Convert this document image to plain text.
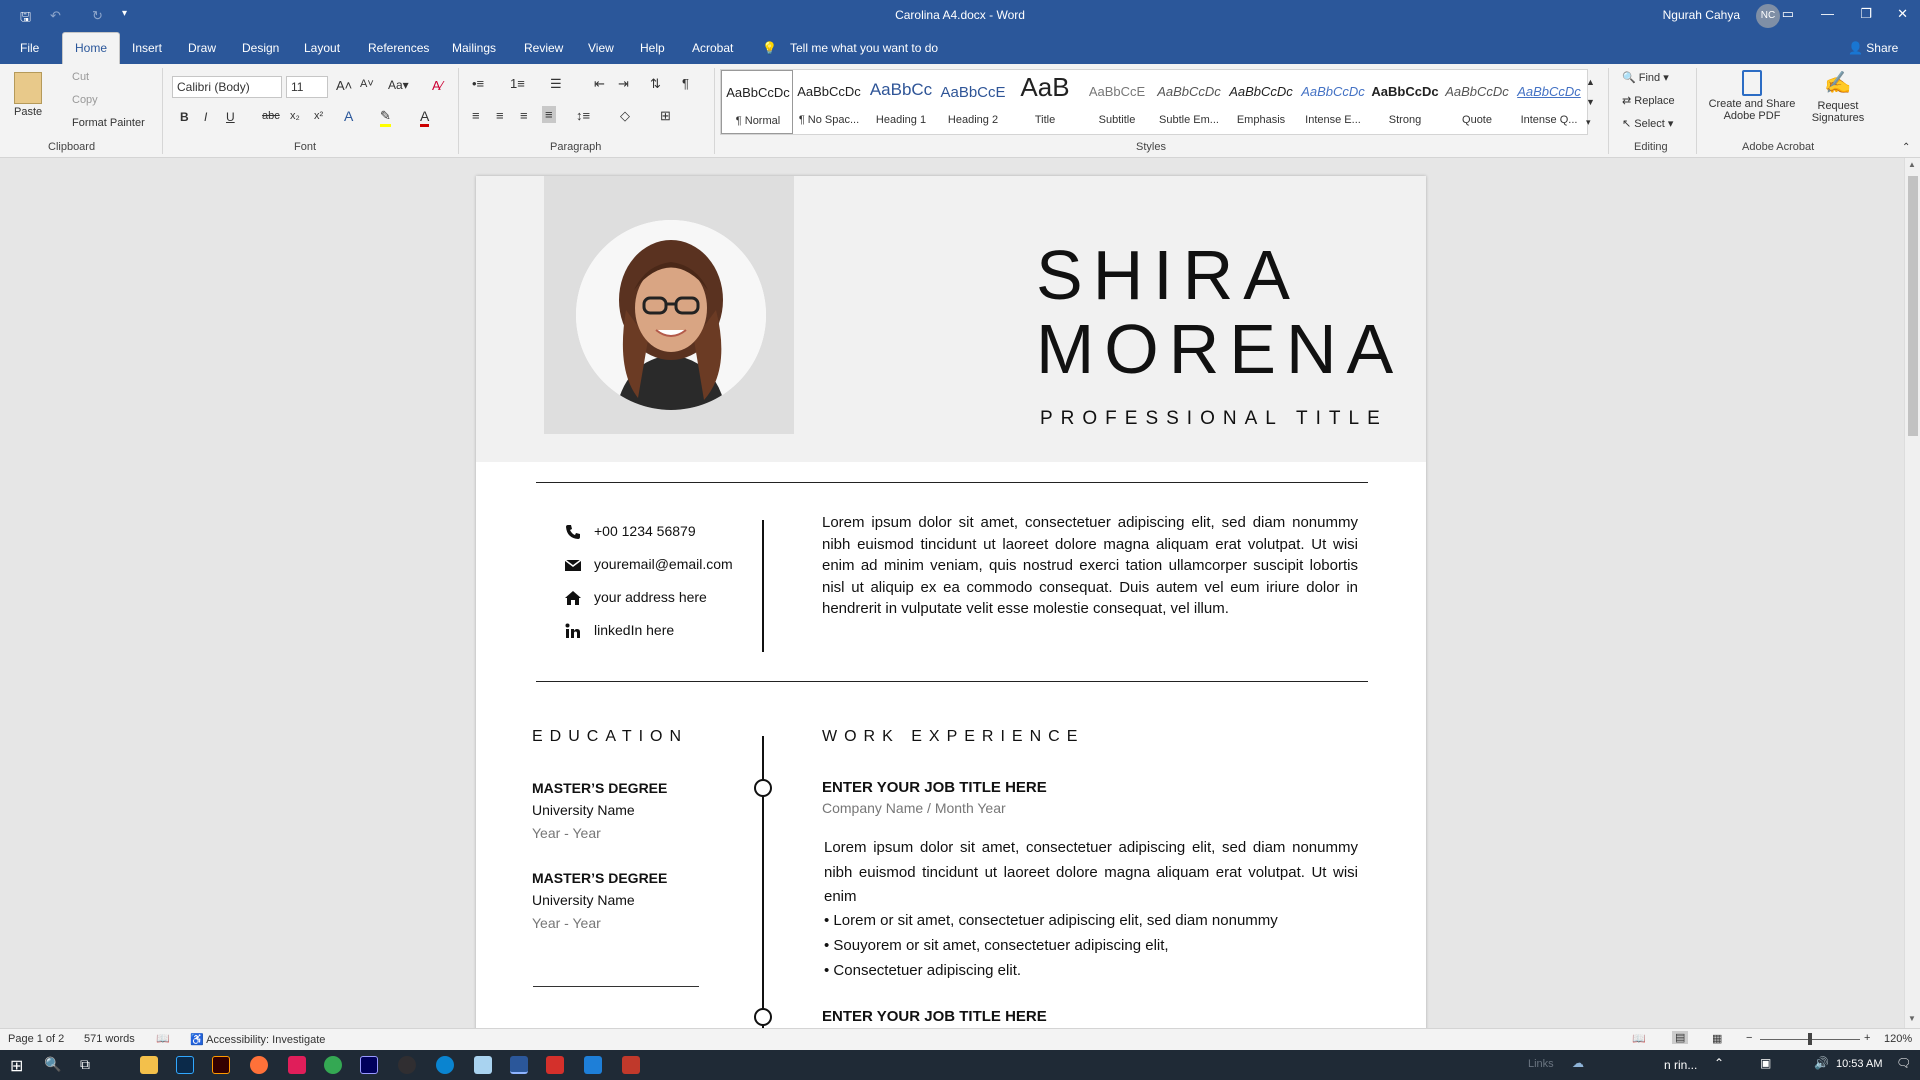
🖫 ↶ ↻ ▾	Carolina A4.docx - Word	Ngurah Cahya	NC ▭ — ❐ ✕
File	Insert Draw Design Layout References Mailings Review View Help Acrobat 💡 Tell me what you want to do	👤 Share
Home
Paste
Cut
Copy
Format Painter
Clipboard
Calibri (Body)	11	A˄ A˅ Aa▾ A∕
B I U abc x₂ x² A ✎ A
Font
•≡ 1≡ ☰ ⇤ ⇥ ⇅ ¶
≡ ≡ ≡ ≡ ↕≡ ◇ ⊞
Paragraph
AaBbCcDc
¶ Normal
AaBbCcDc
¶ No Spac...
AaBbCc
Heading 1
AaBbCcE
Heading 2
AaB
Title
AaBbCcE
Subtitle
AaBbCcDc
Subtle Em...
AaBbCcDc
Emphasis
AaBbCcDc
Intense E...
AaBbCcDc
Strong
AaBbCcDc
Quote
AaBbCcDc
Intense Q...
▲
▼
▾
Styles
🔍 Find ▾
⇄ Replace
↖ Select ▾
Editing
Create and Share
Adobe PDF
✍
Request
Signatures
Adobe Acrobat	⌃
SHIRA
MORENA
PROFESSIONAL TITLE
+00 1234 56879
youremail@email.com
your address here
linkedIn here
Lorem ipsum dolor sit amet, consectetuer adipiscing elit, sed diam nonummy nibh euismod tincidunt ut laoreet dolore magna aliquam erat volutpat. Ut wisi enim ad minim veniam, quis nostrud exerci tation ullamcorper suscipit lobortis nisl ut aliquip ex ea commodo consequat. Duis autem vel eum iriure dolor in hendrerit in vulputate velit esse molestie consequat, vel illum.
EDUCATION
MASTER’S DEGREE
University Name
Year - Year
MASTER’S DEGREE
University Name
Year - Year
WORK EXPERIENCE
ENTER YOUR JOB TITLE HERE
Company Name / Month Year
Lorem ipsum dolor sit amet, consectetuer adipiscing elit, sed diam nonummy nibh euismod tincidunt ut laoreet dolore magna aliquam erat volutpat. Ut wisi enim
• Lorem or sit amet, consectetuer adipiscing elit, sed diam nonummy
• Souyorem or sit amet, consectetuer adipiscing elit,
• Consectetuer adipiscing elit.
ENTER YOUR JOB TITLE HERE
▲
▼
Page 1 of 2 571 words 📖 ♿ Accessibility: Investigate	📖	▤ ▦ −	+ 120%
⊞ 🔍 ⧉	Links ☁	n rin... ⌃	▣	🔊 10:53 AM 🗨
